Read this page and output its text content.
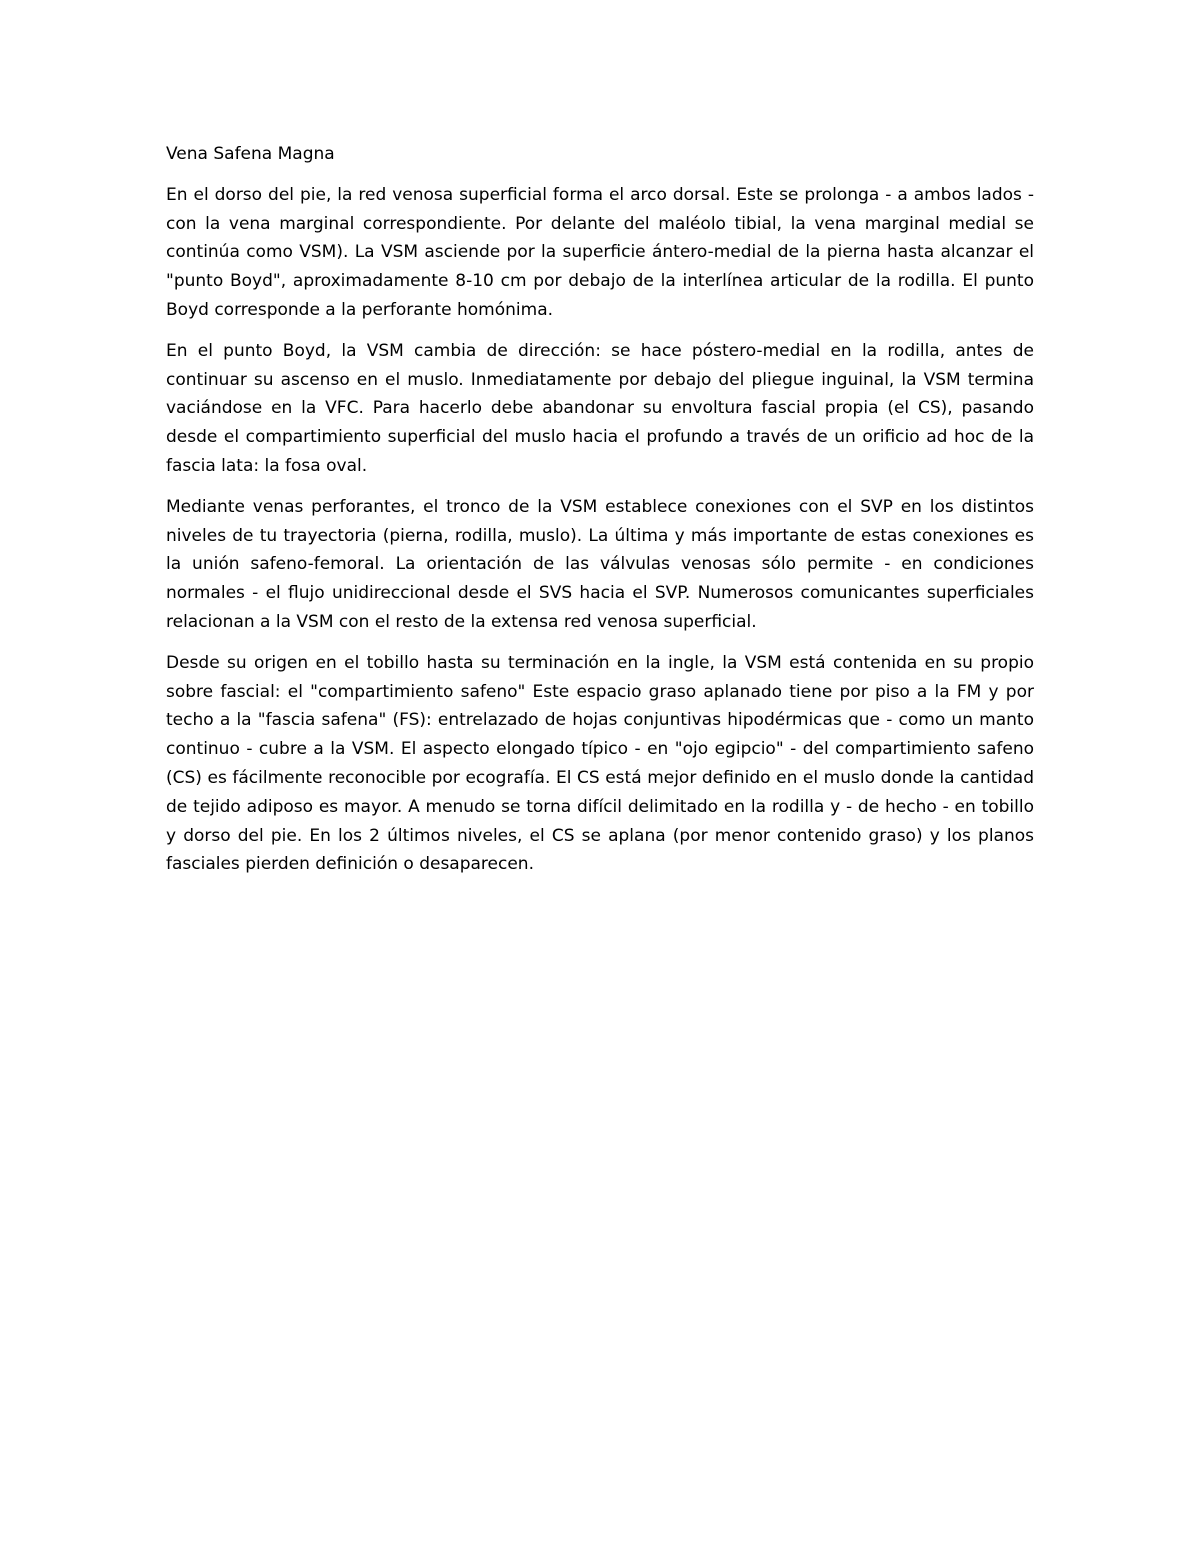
Vena Safena Magna

En el dorso del pie, la red venosa superficial forma el arco dorsal. Este se prolonga - a ambos lados - con la vena marginal correspondiente. Por delante del maléolo tibial, la vena marginal medial se continúa como VSM). La VSM asciende por la superficie ántero-medial de la pierna hasta alcanzar el "punto Boyd", aproximadamente 8-10 cm por debajo de la interlínea articular de la rodilla. El punto Boyd corresponde a la perforante homónima.

En el punto Boyd, la VSM cambia de dirección: se hace póstero-medial en la rodilla, antes de continuar su ascenso en el muslo. Inmediatamente por debajo del pliegue inguinal, la VSM termina vaciándose en la VFC. Para hacerlo debe abandonar su envoltura fascial propia (el CS), pasando desde el compartimiento superficial del muslo hacia el profundo a través de un orificio ad hoc de la fascia lata: la fosa oval.

Mediante venas perforantes, el tronco de la VSM establece conexiones con el SVP en los distintos niveles de tu trayectoria (pierna, rodilla, muslo). La última y más importante de estas conexiones es la unión safeno-femoral. La orientación de las válvulas venosas sólo permite - en condiciones normales - el flujo unidireccional desde el SVS hacia el SVP. Numerosos comunicantes superficiales relacionan a la VSM con el resto de la extensa red venosa superficial.

Desde su origen en el tobillo hasta su terminación en la ingle, la VSM está contenida en su propio sobre fascial: el "compartimiento safeno" Este espacio graso aplanado tiene por piso a la FM y por techo a la "fascia safena" (FS): entrelazado de hojas conjuntivas hipodérmicas que - como un manto continuo - cubre a la VSM. El aspecto elongado típico - en "ojo egipcio" - del compartimiento safeno (CS) es fácilmente reconocible por ecografía. El CS está mejor definido en el muslo donde la cantidad de tejido adiposo es mayor. A menudo se torna difícil delimitado en la rodilla y - de hecho - en tobillo y dorso del pie. En los 2 últimos niveles, el CS se aplana (por menor contenido graso) y los planos fasciales pierden definición o desaparecen.
